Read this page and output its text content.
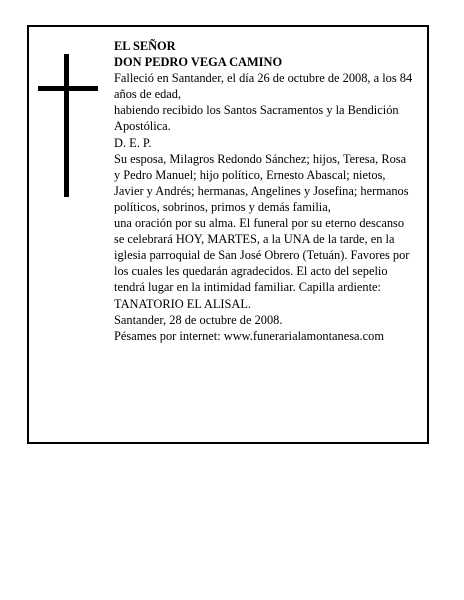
EL SEÑOR

DON PEDRO VEGA CAMINO

Falleció en Santander, el día 26 de octubre de 2008, a los 84 años de edad,

habiendo recibido los Santos Sacramentos y la Bendición Apostólica.

D. E. P.

Su esposa, Milagros Redondo Sánchez; hijos, Teresa, Rosa y Pedro Manuel; hijo político, Ernesto Abascal; nietos, Javier y Andrés; hermanas, Angelines y Josefina; hermanos políticos, sobrinos, primos y demás familia,

una oración por su alma. El funeral por su eterno descanso se celebrará HOY, MARTES, a la UNA de la tarde, en la iglesia parroquial de San José Obrero (Tetuán). Favores por los cuales les quedarán agradecidos. El acto del sepelio tendrá lugar en la intimidad familiar. Capilla ardiente: TANATORIO EL ALISAL.

Santander, 28 de octubre de 2008.

Pésames por internet: www.funerarialamontanesa.com
